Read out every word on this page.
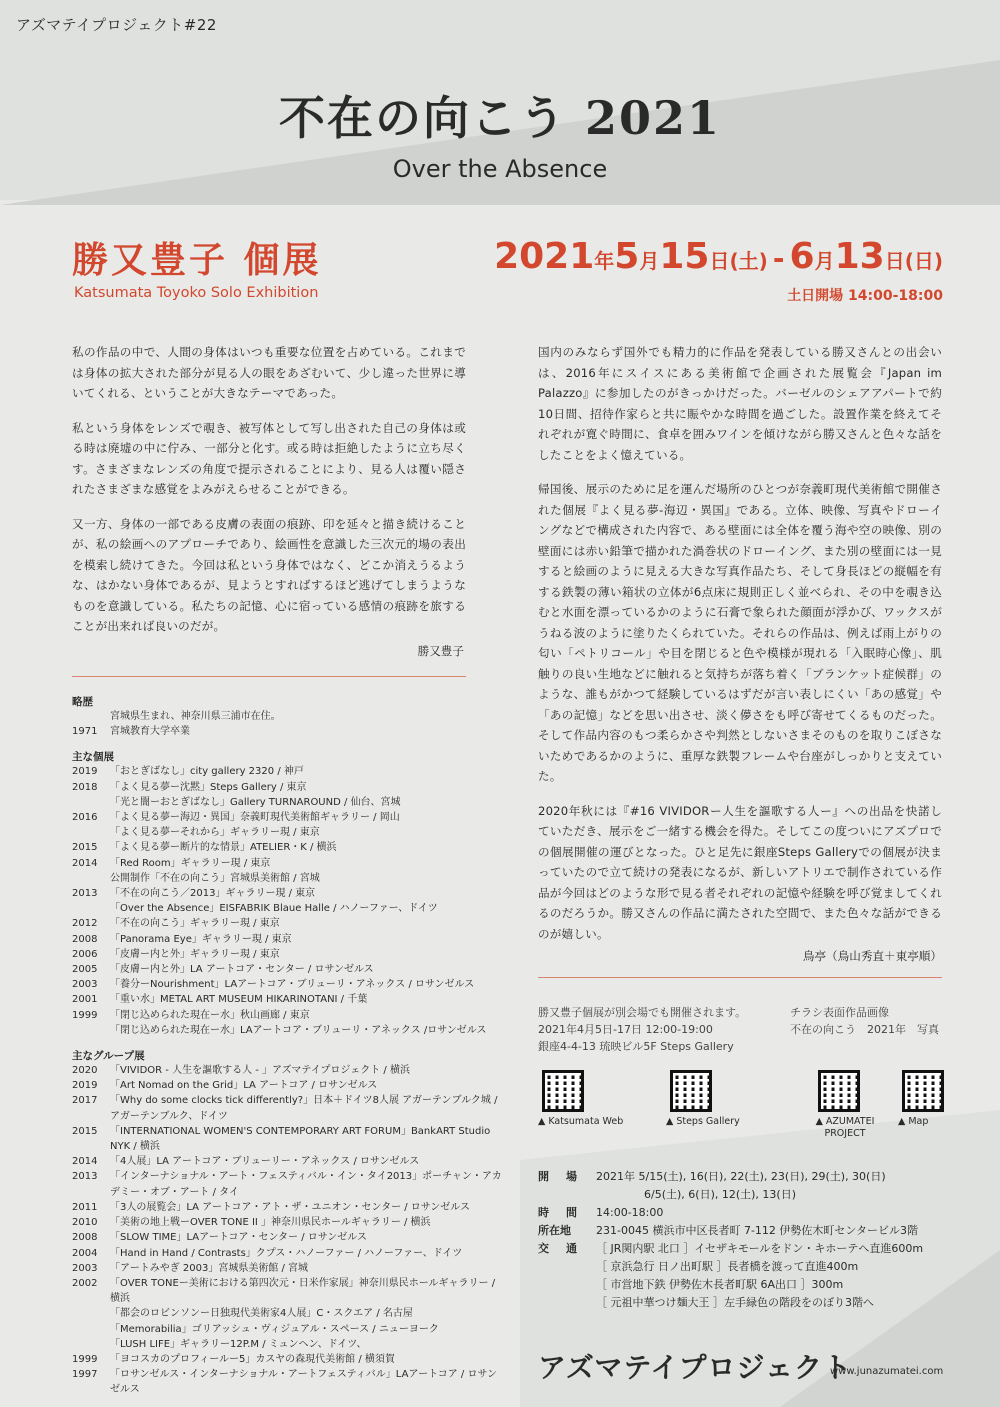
アズマテイプロジェクト#22
不在の向こう 2021
Over the Absence
勝又豊子 個展
Katsumata Toyoko Solo Exhibition
2021年5月15日(土) - 6月13日(日)
土日開場 14:00-18:00

私の作品の中で、人間の身体はいつも重要な位置を占めている。これまでは身体の拡大された部分が見る人の眼をあざむいて、少し違った世界に導いてくれる、ということが大きなテーマであった。

私という身体をレンズで覗き、被写体として写し出された自己の身体は或る時は廃墟の中に佇み、一部分と化す。或る時は拒絶したように立ち尽くす。さまざまなレンズの角度で提示されることにより、見る人は覆い隠されたさまざまな感覚をよみがえらせることができる。

又一方、身体の一部である皮膚の表面の痕跡、印を延々と描き続けることが、私の絵画へのアプローチであり、絵画性を意識した三次元的場の表出を模索し続けてきた。今回は私という身体ではなく、どこか消えうるような、はかない身体であるが、見ようとすればするほど逃げてしまうようなものを意識している。私たちの記憶、心に宿っている感情の痕跡を旅することが出来れば良いのだが。

勝又豊子
略歴
宮城県生まれ、神奈川県三浦市在住。
1971	宮城教育大学卒業
主な個展
2019	「おとぎばなし」city gallery 2320 / 神戸
2018	「よく見る夢ー沈黙」Steps Gallery / 東京
「光と闇ーおとぎばなし」Gallery TURNAROUND / 仙台、宮城
2016	「よく見る夢ー海辺・異国」奈義町現代美術館ギャラリー / 岡山
「よく見る夢ーそれから」ギャラリー現 / 東京
2015	「よく見る夢ー断片的な情景」ATELIER・K / 横浜
2014	「Red Room」ギャラリー現 / 東京
公開制作「不在の向こう」宮城県美術館 / 宮城
2013	「不在の向こう／2013」ギャラリー現 / 東京
「Over the Absence」EISFABRIK Blaue Halle / ハノーファー、ドイツ
2012	「不在の向こう」ギャラリー現 / 東京
2008	「Panorama Eye」ギャラリー現 / 東京
2006	「皮膚ー内と外」ギャラリー現 / 東京
2005	「皮膚ー内と外」LA アートコア・センター / ロサンゼルス
2003	「養分ーNourishment」LAアートコア・ブリューリ・アネックス / ロサンゼルス
2001	「重い水」METAL ART MUSEUM HIKARINOTANI / 千葉
1999	「閉じ込められた現在ー水」秋山画廊 / 東京
「閉じ込められた現在ー水」LAアートコア・ブリューリ・アネックス /ロサンゼルス
主なグループ展
2020	「VIVIDOR - 人生を謳歌する人 - 」アズマテイプロジェクト / 横浜
2019	「Art Nomad on the Grid」LA アートコア / ロサンゼルス
2017	「Why do some clocks tick differently?」日本＋ドイツ8人展 アガーテンブルク城 / アガーテンブルク、ドイツ
2015	「INTERNATIONAL WOMEN'S CONTEMPORARY ART FORUM」BankART Studio NYK / 横浜
2014	「4人展」LA アートコア・ブリューリー・アネックス / ロサンゼルス
2013	「インターナショナル・アート・フェスティバル・イン・タイ2013」ポーチャン・アカデミー・オブ・アート / タイ
2011	「3人の展覧会」LA アートコア・アト・ザ・ユニオン・センター / ロサンゼルス
2010	「美術の地上戦ーOVER TONE II 」神奈川県民ホールギャラリー / 横浜
2008	「SLOW TIME」LAアートコア・センター / ロサンゼルス
2004	「Hand in Hand / Contrasts」クプス・ハノーファー / ハノーファー、ドイツ
2003	「アートみやぎ 2003」宮城県美術館 / 宮城
2002	「OVER TONEー美術における第四次元・日米作家展」神奈川県民ホールギャラリー / 横浜
「都会のロビンソンー日独現代美術家4人展」C・スクエア / 名古屋
「Memorabilia」ゴリアッシュ・ヴィジュアル・スペース / ニューヨーク
「LUSH LIFE」ギャラリー12P.M / ミュンヘン、ドイツ、
1999	「ヨコスカのプロフィールー5」カスヤの森現代美術館 / 横須賀
1997	「ロサンゼルス・インターナショナル・アートフェスティバル」LAアートコア / ロサンゼルス

国内のみならず国外でも精力的に作品を発表している勝又さんとの出会いは、2016年にスイスにある美術館で企画された展覧会『Japan im Palazzo』に参加したのがきっかけだった。バーゼルのシェアアパートで約10日間、招待作家らと共に賑やかな時間を過ごした。設置作業を終えてそれぞれが寛ぐ時間に、食卓を囲みワインを傾けながら勝又さんと色々な話をしたことをよく憶えている。

帰国後、展示のために足を運んだ場所のひとつが奈義町現代美術館で開催された個展『よく見る夢-海辺・異国』である。立体、映像、写真やドローイングなどで構成された内容で、ある壁面には全体を覆う海や空の映像、別の壁面には赤い鉛筆で描かれた渦巻状のドローイング、また別の壁面には一見すると絵画のように見える大きな写真作品たち、そして身長ほどの縦幅を有する鉄製の薄い箱状の立体が6点床に規則正しく並べられ、その中を覗き込むと水面を漂っているかのように石膏で象られた顔面が浮かび、ワックスがうねる波のように塗りたくられていた。それらの作品は、例えば雨上がりの匂い「ペトリコール」や目を閉じると色や模様が現れる「入眠時心像」、肌触りの良い生地などに触れると気持ちが落ち着く「ブランケット症候群」のような、誰もがかつて経験しているはずだが言い表しにくい「あの感覚」や「あの記憶」などを思い出させ、淡く儚さをも呼び寄せてくるものだった。そして作品内容のもつ柔らかさや判然としないさまそのものを取りこぼさないためであるかのように、重厚な鉄製フレームや台座がしっかりと支えていた。

2020年秋には『#16 VIVIDORー人生を謳歌する人ー』への出品を快諾していただき、展示をご一緒する機会を得た。そしてこの度ついにアズプロでの個展開催の運びとなった。ひと足先に銀座Steps Galleryでの個展が決まっていたので立て続けの発表になるが、新しいアトリエで制作されている作品が今回はどのような形で見る者それぞれの記憶や経験を呼び覚ましてくれるのだろうか。勝又さんの作品に満たされた空間で、また色々な話ができるのが嬉しい。

鳥亭（鳥山秀直＋東亭順）
勝又豊子個展が別会場でも開催されます。
2021年4月5日-17日 12:00-19:00
銀座4-4-13 琉映ビル5F Steps Gallery
チラシ表面作品画像
不在の向こう　2021年　写真
▲ Katsumata Web	▲ Steps Gallery	▲ AZUMATEI PROJECT
▲ Map
開　場	2021年 5/15(土), 16(日), 22(土), 23(日), 29(土), 30(日)
6/5(土), 6(日), 12(土), 13(日)
時　間	14:00-18:00
所在地	231-0045 横浜市中区長者町 7-112 伊勢佐木町センタービル3階
交　通	［ JR関内駅 北口 ］イセザキモールをドン・キホーテへ直進600m
［ 京浜急行 日ノ出町駅 ］長者橋を渡って直進400m
［ 市営地下鉄 伊勢佐木長者町駅 6A出口 ］300m
［ 元祖中華つけ麺大王 ］左手緑色の階段をのぼり3階へ
アズマテイプロジェクト
www.junazumatei.com
